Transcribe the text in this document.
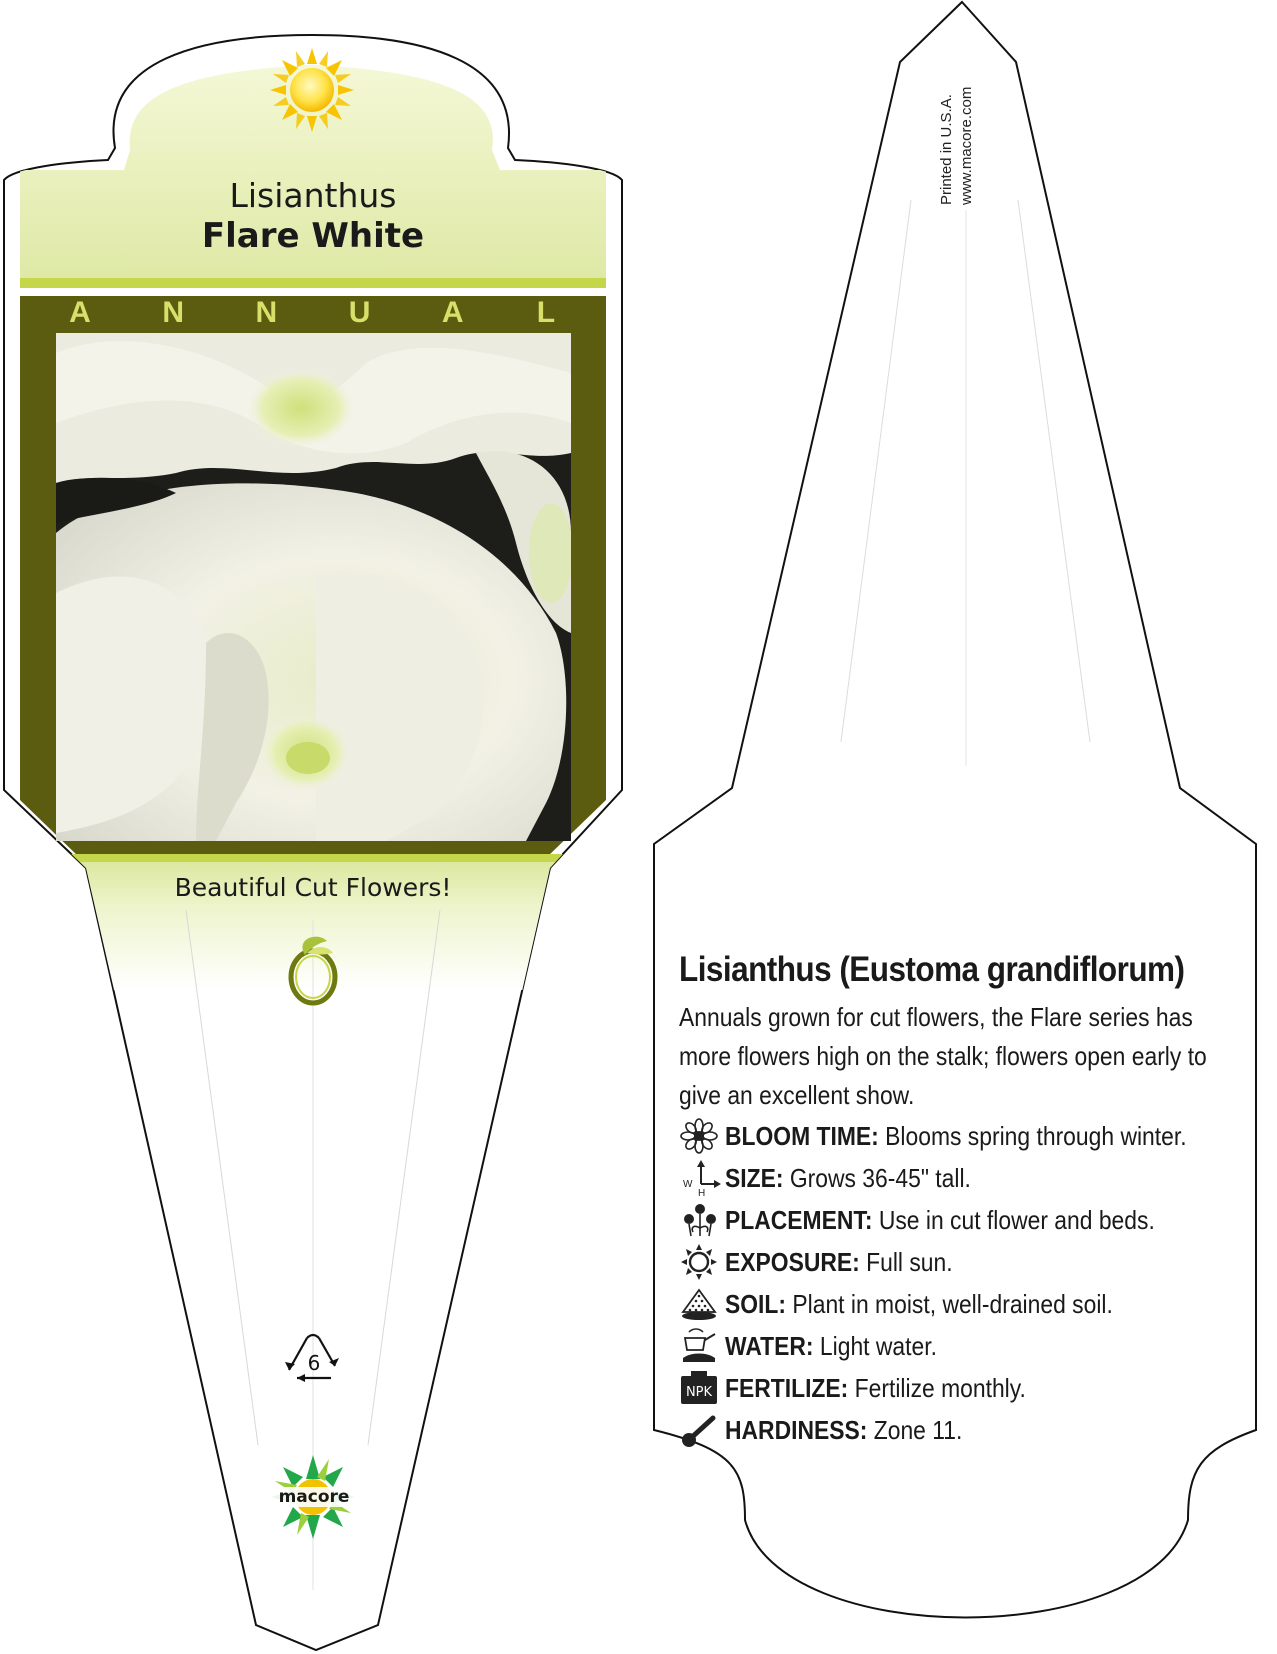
Lisianthus
Flare White
A	N	N	U	A	L
Beautiful Cut Flowers!
6
macore
Printed in U.S.A. www.macore.com
Lisianthus (Eustoma grandiflorum)
Annuals grown for cut flowers, the Flare series has more flowers high on the stalk; flowers open early to give an excellent show.
BLOOM TIME: Blooms spring through winter.
W
H
SIZE: Grows 36-45" tall.
PLACEMENT: Use in cut flower and beds.
EXPOSURE: Full sun.
SOIL: Plant in moist, well-drained soil.
WATER: Light water.
NPK FERTILIZE: Fertilize monthly.
HARDINESS: Zone 11.
